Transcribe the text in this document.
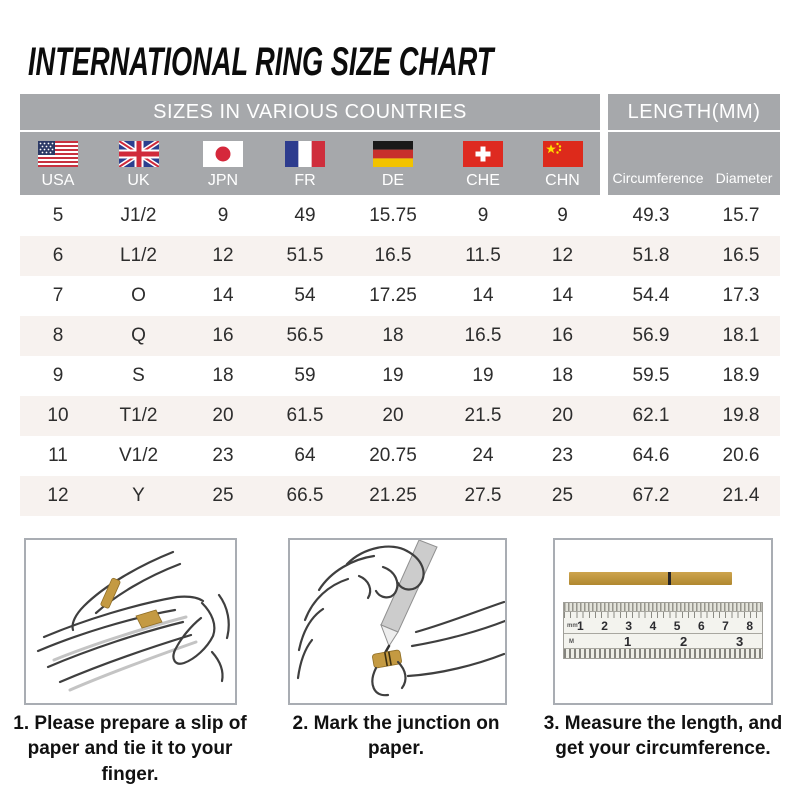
INTERNATIONAL RING SIZE CHART
SIZES IN VARIOUS COUNTRIES
USA	UK	JPN	FR	DE	CHE	CHN
LENGTH(MM)
Circumference Diameter
5	J1/2	9	49	15.75	9	9	49.3	15.7
6	L1/2	12	51.5	16.5	11.5	12	51.8	16.5
7	O	14	54	17.25	14	14	54.4	17.3
8	Q	16	56.5	18	16.5	16	56.9	18.1
9	S	18	59	19	19	18	59.5	18.9
10	T1/2	20	61.5	20	21.5	20	62.1	19.8
11	V1/2	23	64	20.75	24	23	64.6	20.6
12	Y	25	66.5	21.25	27.5	25	67.2	21.4
mm 1 2 3 4 5 6 7 8
M	1	2	3
1. Please prepare a slip of paper and tie it to your finger.
2. Mark the junction on paper.
3. Measure the length, and get your circumference.
